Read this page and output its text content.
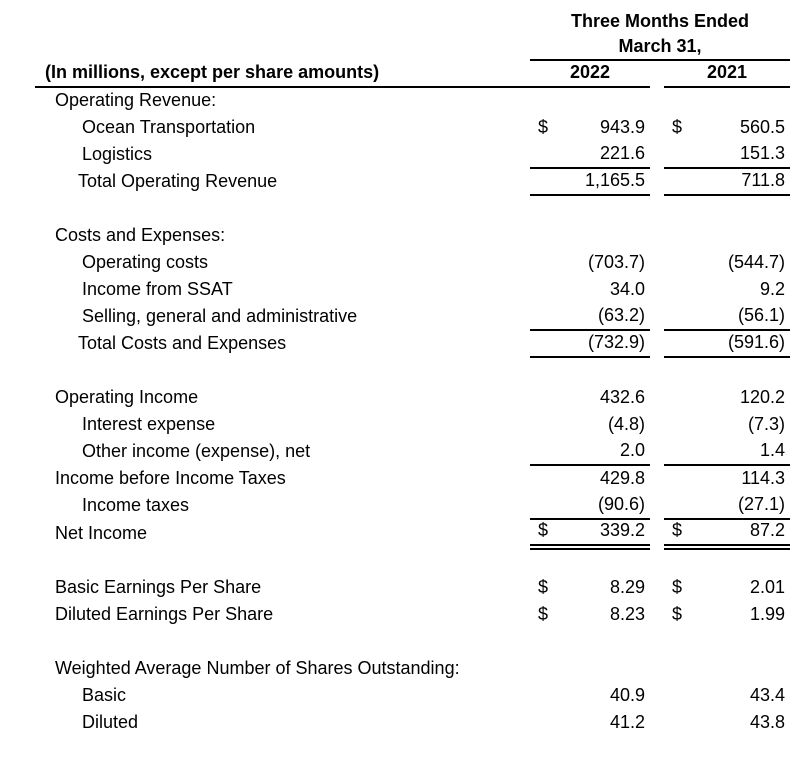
	Three Months Ended		
	March 31,		
(In millions, except per share amounts)	2022		2021
Operating Revenue:	

Ocean Transportation	$ 943.9		$ 560.5

Logistics	221.6		151.3

Total Operating Revenue	1,165.5		711.8

Costs and Expenses:	

Operating costs	(703.7)		(544.7)

Income from SSAT	34.0		9.2

Selling, general and administrative	(63.2)		(56.1)

Total Costs and Expenses	(732.9)		(591.6)

Operating Income	432.6		120.2

Interest expense	(4.8)		(7.3)

Other income (expense), net	2.0		1.4

Income before Income Taxes	429.8		114.3

Income taxes	(90.6)		(27.1)

Net Income	$ 339.2		$ 87.2

Basic Earnings Per Share	$ 8.29		$ 2.01

Diluted Earnings Per Share	$ 8.23		$ 1.99

Weighted Average Number of Shares Outstanding:	

Basic	40.9		43.4

Diluted	41.2		43.8
